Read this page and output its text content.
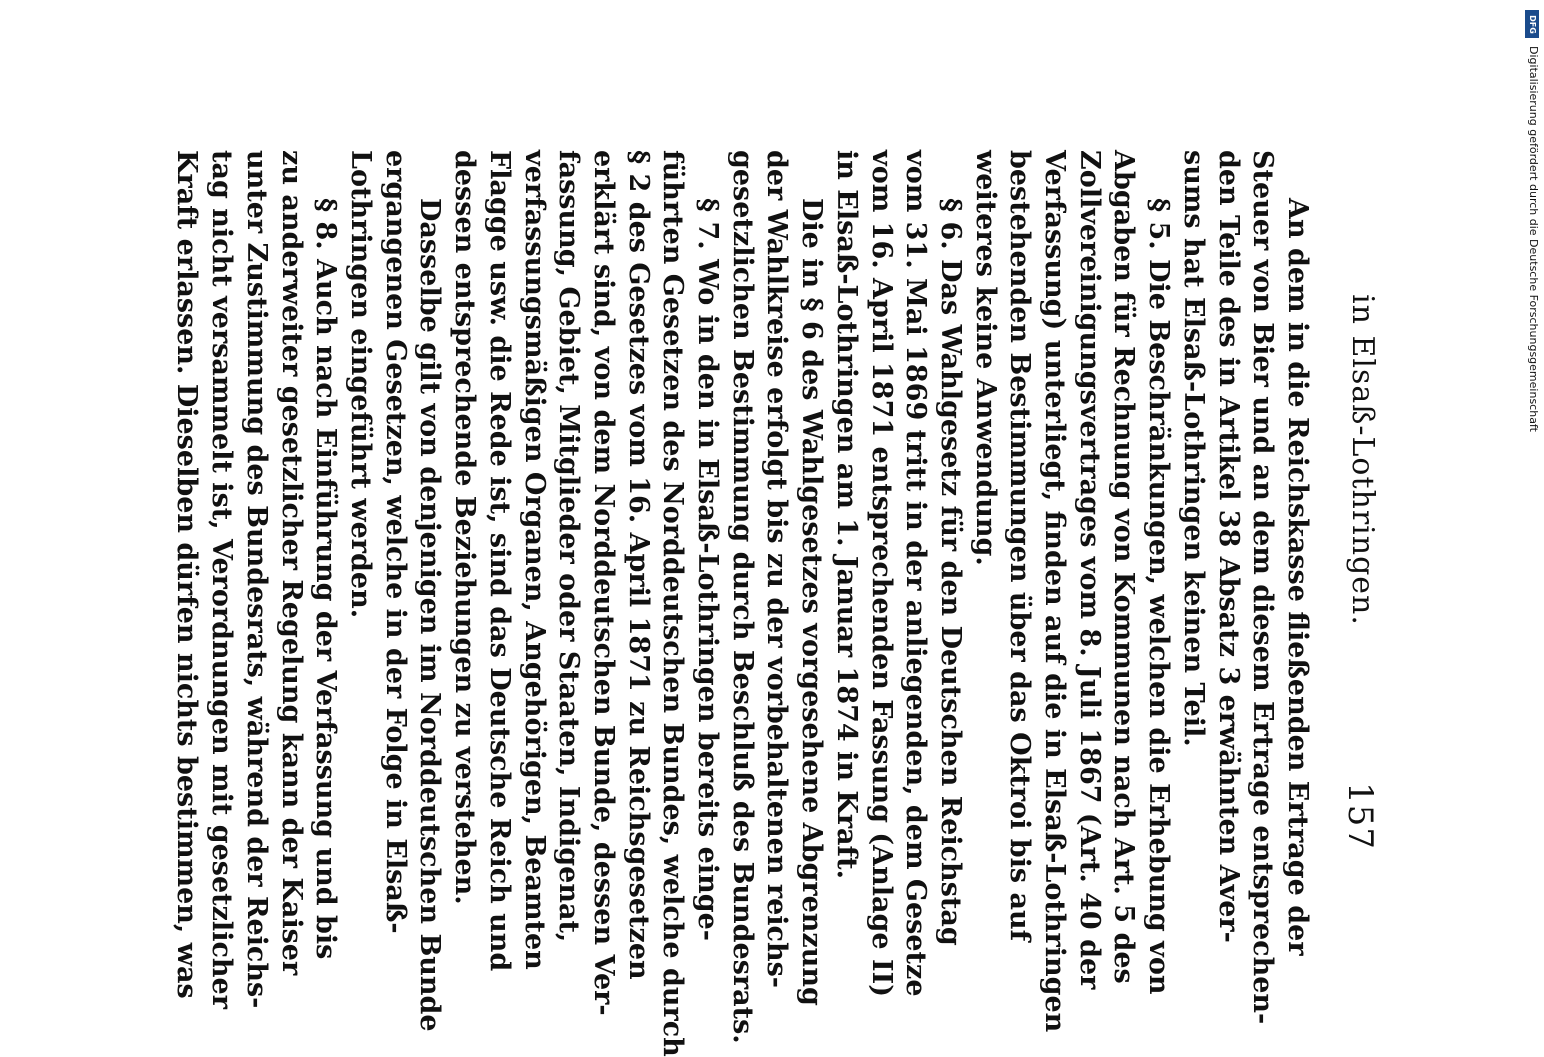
in Elsaß-Lothringen.
157
An dem in die Reichskasse fließenden Ertrage der
Steuer von Bier und an dem diesem Ertrage entsprechen-
den Teile des in Artikel 38 Absatz 3 erwähnten Aver-
sums hat Elsaß-Lothringen keinen Teil.
§ 5. Die Beschränkungen, welchen die Erhebung von
Abgaben für Rechnung von Kommunen nach Art. 5 des
Zollvereinigungsvertrages vom 8. Juli 1867 (Art. 40 der
Verfassung) unterliegt, finden auf die in Elsaß-Lothringen
bestehenden Bestimmungen über das Oktroi bis auf
weiteres keine Anwendung.
§ 6. Das Wahlgesetz für den Deutschen Reichstag
vom 31. Mai 1869 tritt in der anliegenden, dem Gesetze
vom 16. April 1871 entsprechenden Fassung (Anlage II)
in Elsaß-Lothringen am 1. Januar 1874 in Kraft.
Die in § 6 des Wahlgesetzes vorgesehene Abgrenzung
der Wahlkreise erfolgt bis zu der vorbehaltenen reichs-
gesetzlichen Bestimmung durch Beschluß des Bundesrats.
§ 7. Wo in den in Elsaß-Lothringen bereits einge-
führten Gesetzen des Norddeutschen Bundes, welche durch
§ 2 des Gesetzes vom 16. April 1871 zu Reichsgesetzen
erklärt sind, von dem Norddeutschen Bunde, dessen Ver-
fassung, Gebiet, Mitglieder oder Staaten, Indigenat,
verfassungsmäßigen Organen, Angehörigen, Beamten
Flagge usw. die Rede ist, sind das Deutsche Reich und
dessen entsprechende Beziehungen zu verstehen.
Dasselbe gilt von denjenigen im Norddeutschen Bunde
ergangenen Gesetzen, welche in der Folge in Elsaß-
Lothringen eingeführt werden.
§ 8. Auch nach Einführung der Verfassung und bis
zu anderweiter gesetzlicher Regelung kann der Kaiser
unter Zustimmung des Bundesrats, während der Reichs-
tag nicht versammelt ist, Verordnungen mit gesetzlicher
Kraft erlassen. Dieselben dürfen nichts bestimmen, was
DFG
Digitalisierung gefördert durch die Deutsche Forschungsgemeinschaft
